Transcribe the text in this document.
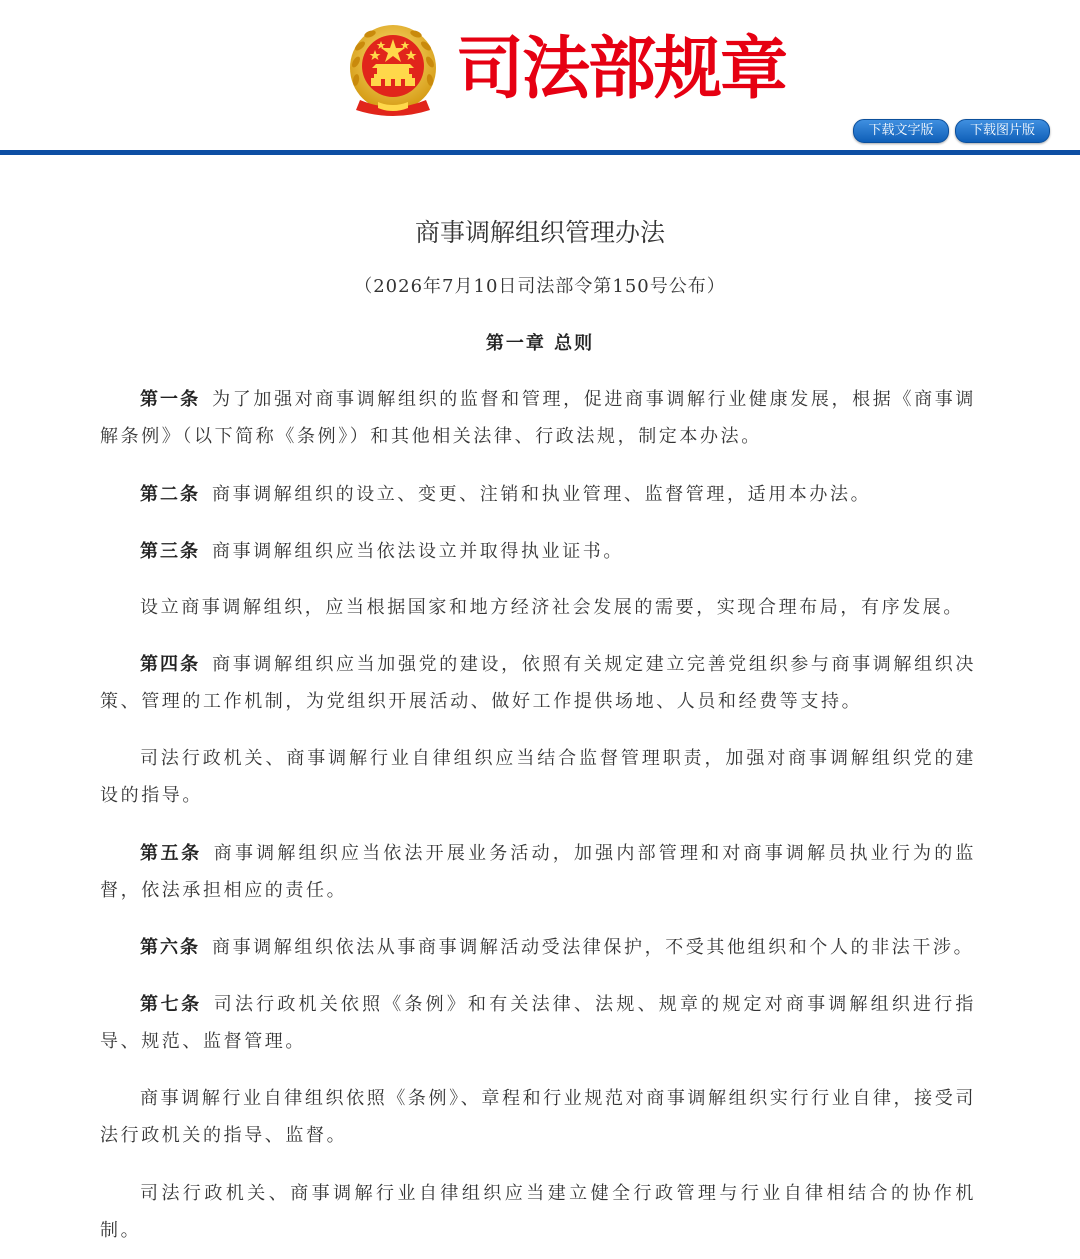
司法部规章
下载文字版	下载图片版
商事调解组织管理办法
（2026年7月10日司法部令第150号公布）
第一章 总则

第一条 为了加强对商事调解组织的监督和管理，促进商事调解行业健康发展，根据《商事调解条例》（以下简称《条例》）和其他相关法律、行政法规，制定本办法。

第二条 商事调解组织的设立、变更、注销和执业管理、监督管理，适用本办法。

第三条 商事调解组织应当依法设立并取得执业证书。

设立商事调解组织，应当根据国家和地方经济社会发展的需要，实现合理布局，有序发展。

第四条 商事调解组织应当加强党的建设，依照有关规定建立完善党组织参与商事调解组织决策、管理的工作机制，为党组织开展活动、做好工作提供场地、人员和经费等支持。

司法行政机关、商事调解行业自律组织应当结合监督管理职责，加强对商事调解组织党的建设的指导。

第五条 商事调解组织应当依法开展业务活动，加强内部管理和对商事调解员执业行为的监督，依法承担相应的责任。

第六条 商事调解组织依法从事商事调解活动受法律保护，不受其他组织和个人的非法干涉。

第七条 司法行政机关依照《条例》和有关法律、法规、规章的规定对商事调解组织进行指导、规范、监督管理。

商事调解行业自律组织依照《条例》、章程和行业规范对商事调解组织实行行业自律，接受司法行政机关的指导、监督。

司法行政机关、商事调解行业自律组织应当建立健全行政管理与行业自律相结合的协作机制。
